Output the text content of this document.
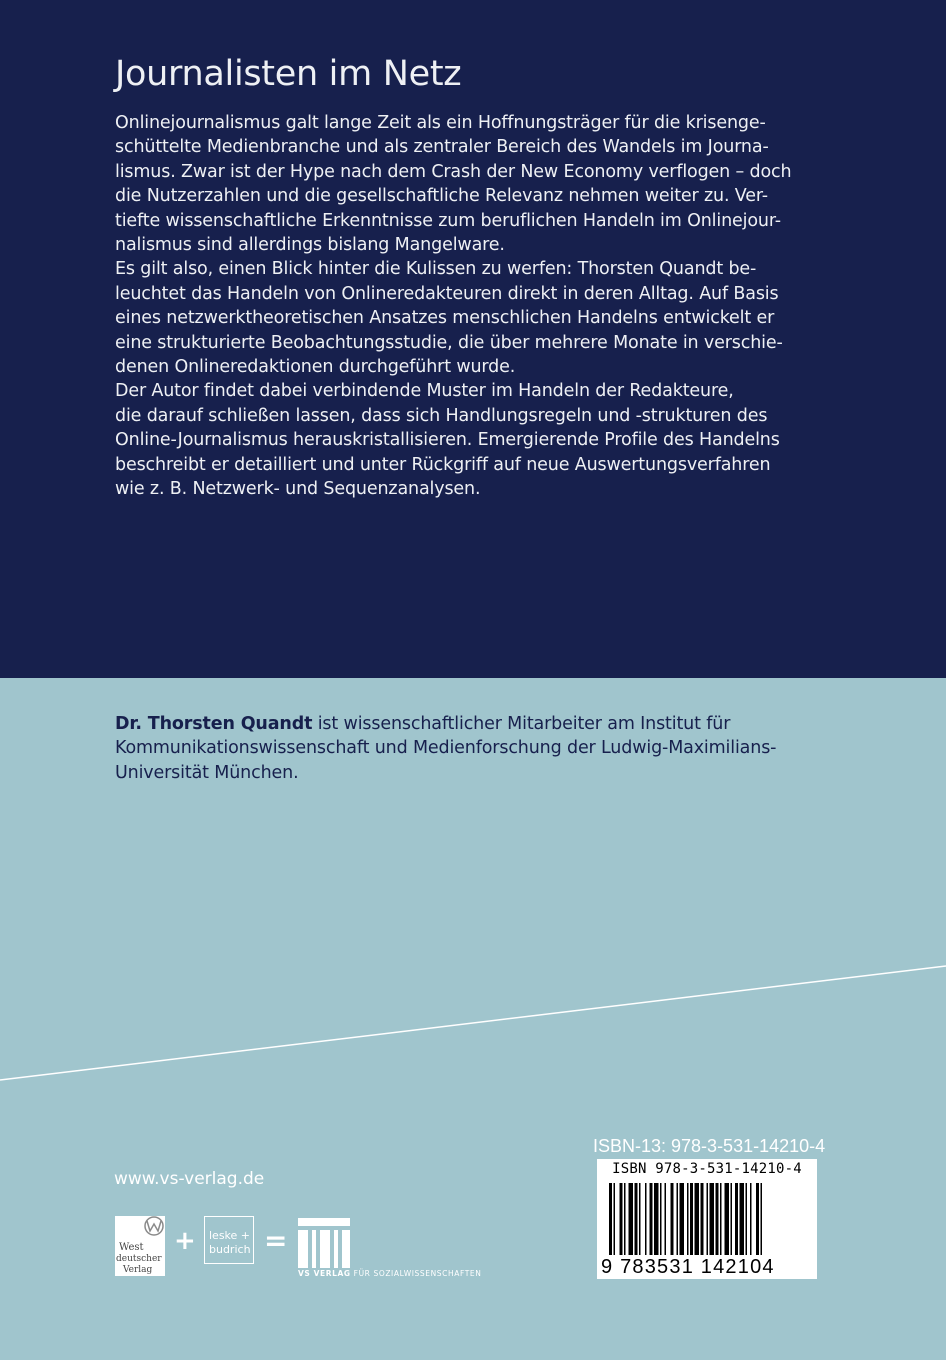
Journalisten im Netz
Onlinejournalismus galt lange Zeit als ein Hoffnungsträger für die krisenge-
schüttelte Medienbranche und als zentraler Bereich des Wandels im Journa-
lismus. Zwar ist der Hype nach dem Crash der New Economy verflogen – doch
die Nutzerzahlen und die gesellschaftliche Relevanz nehmen weiter zu. Ver-
tiefte wissenschaftliche Erkenntnisse zum beruflichen Handeln im Onlinejour-
nalismus sind allerdings bislang Mangelware.
Es gilt also, einen Blick hinter die Kulissen zu werfen: Thorsten Quandt be-
leuchtet das Handeln von Onlineredakteuren direkt in deren Alltag. Auf Basis
eines netzwerktheoretischen Ansatzes menschlichen Handelns entwickelt er
eine strukturierte Beobachtungsstudie, die über mehrere Monate in verschie-
denen Onlineredaktionen durchgeführt wurde.
Der Autor findet dabei verbindende Muster im Handeln der Redakteure,
die darauf schließen lassen, dass sich Handlungsregeln und -strukturen des
Online-Journalismus herauskristallisieren. Emergierende Profile des Handelns
beschreibt er detailliert und unter Rückgriff auf neue Auswertungsverfahren
wie z. B. Netzwerk- und Sequenzanalysen.
Dr. Thorsten Quandt ist wissenschaftlicher Mitarbeiter am Institut für
Kommunikationswissenschaft und Medienforschung der Ludwig-Maximilians-
Universität München.

ISBN-13: 978-3-531-14210-4

ISBN 978-3-531-14210-4
9 783531 142104

www.vs-verlag.de

West
deutscher
Verlag
+ leske +
budrich =
VS VERLAG FÜR SOZIALWISSENSCHAFTEN
